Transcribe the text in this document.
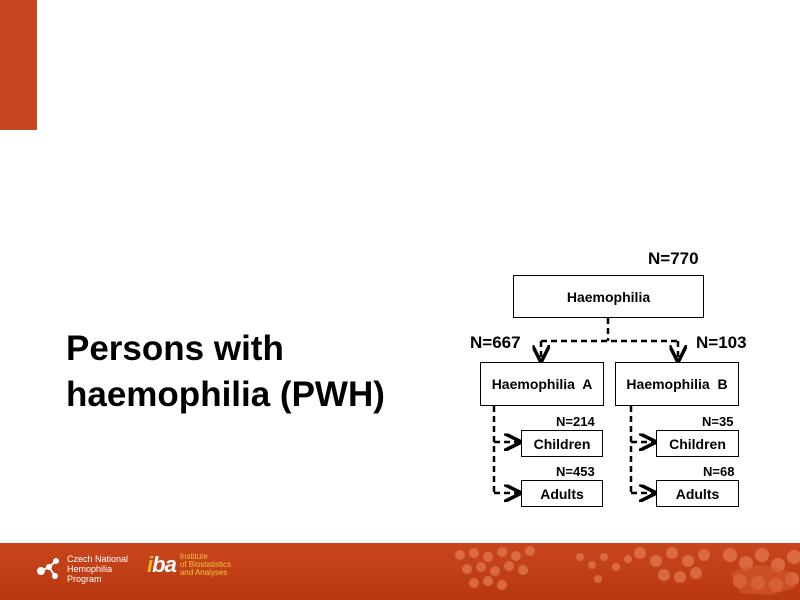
Persons with
haemophilia (PWH)
N=770
Haemophilia
N=667	N=103
Haemophilia  A	Haemophilia  B
N=214
Children
N=35
Children
N=453
Adults
N=68
Adults
Czech National
Hemophilia
Program
iba Institute
of Biostatistics
and Analyses
